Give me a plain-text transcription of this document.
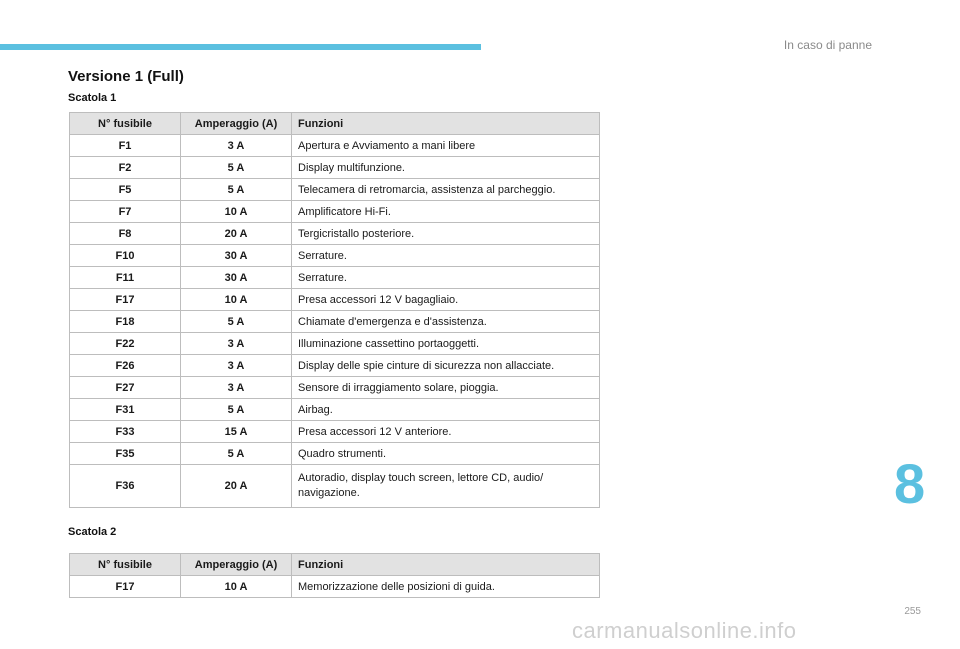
In caso di panne
Versione 1 (Full)
Scatola 1
N° fusibile	Amperaggio (A)	Funzioni
F1	3 A	Apertura e Avviamento a mani libere
F2	5 A	Display multifunzione.
F5	5 A	Telecamera di retromarcia, assistenza al parcheggio.
F7	10 A	Amplificatore Hi-Fi.
F8	20 A	Tergicristallo posteriore.
F10	30 A	Serrature.
F11	30 A	Serrature.
F17	10 A	Presa accessori 12 V bagagliaio.
F18	5 A	Chiamate d'emergenza e d'assistenza.
F22	3 A	Illuminazione cassettino portaoggetti.
F26	3 A	Display delle spie cinture di sicurezza non allacciate.
F27	3 A	Sensore di irraggiamento solare, pioggia.
F31	5 A	Airbag.
F33	15 A	Presa accessori 12 V anteriore.
F35	5 A	Quadro strumenti.
F36	20 A	Autoradio, display touch screen, lettore CD, audio/ navigazione.
Scatola 2
N° fusibile	Amperaggio (A)	Funzioni
F17	10 A	Memorizzazione delle posizioni di guida.
8
255
carmanualsonline.info
